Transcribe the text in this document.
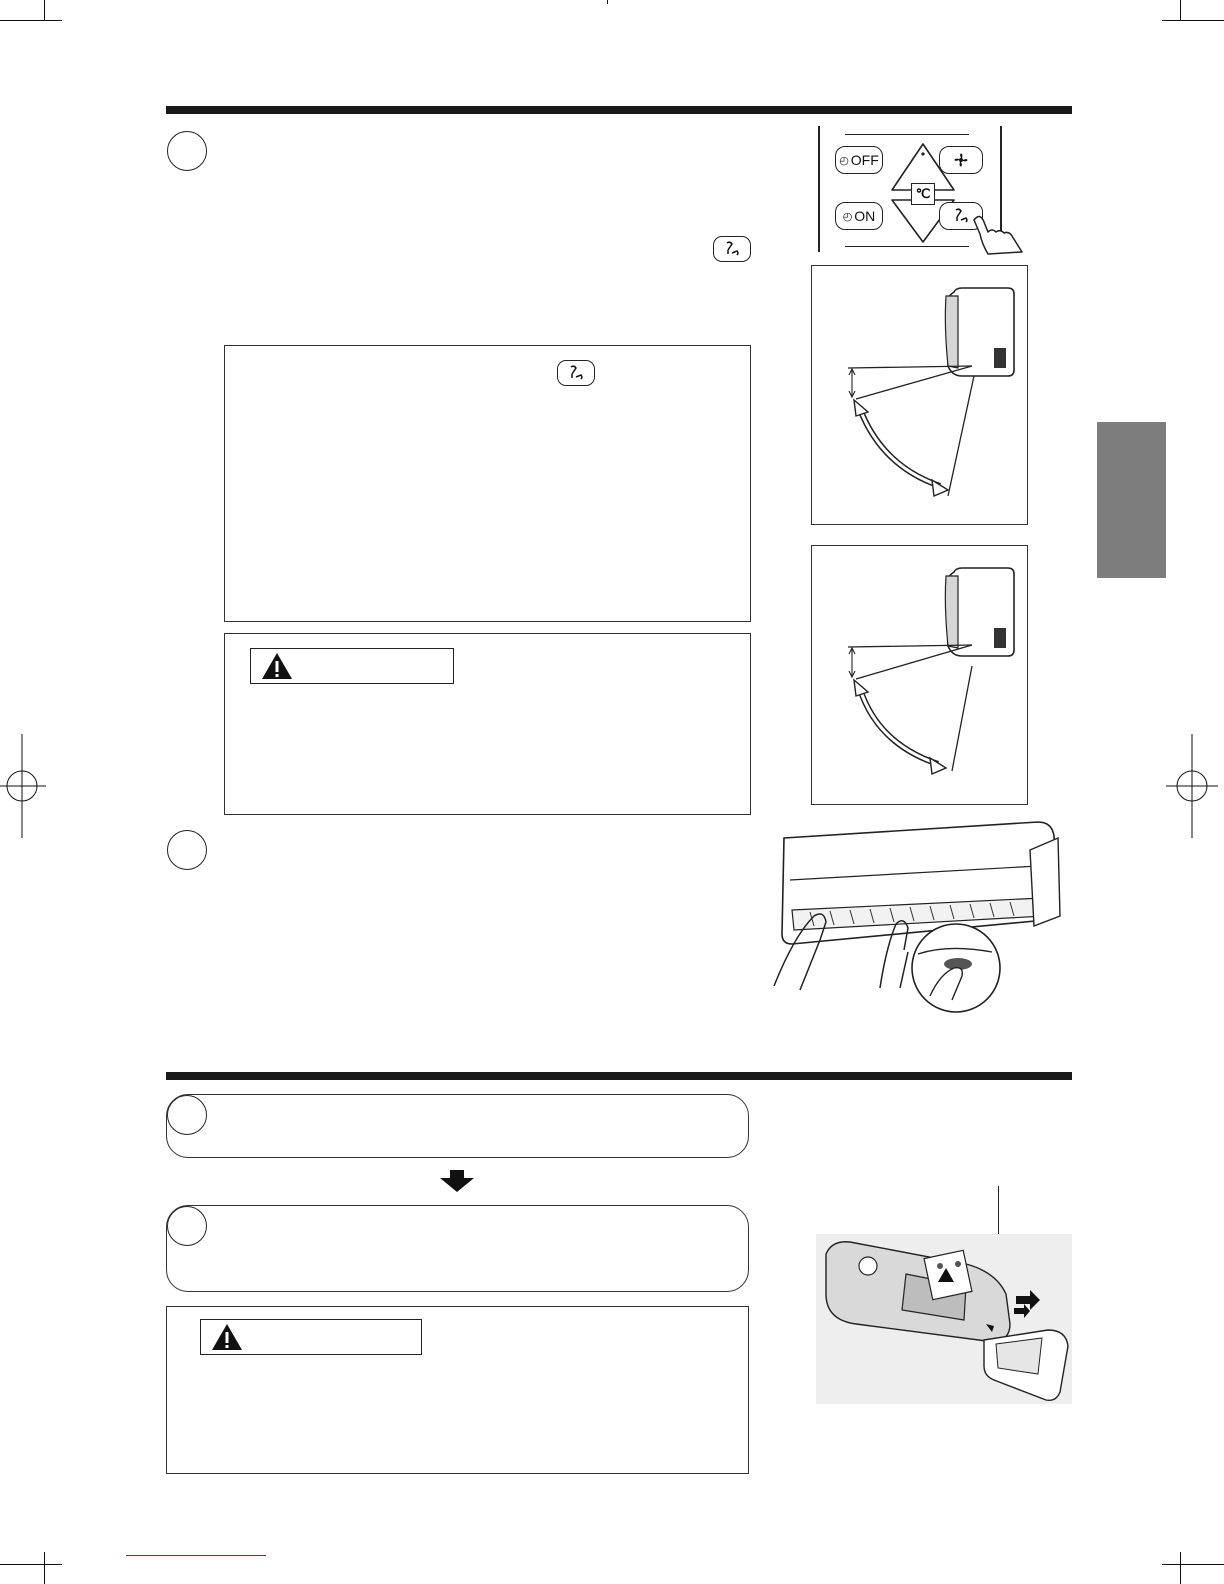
◴ OFF
◴ ON
℃
